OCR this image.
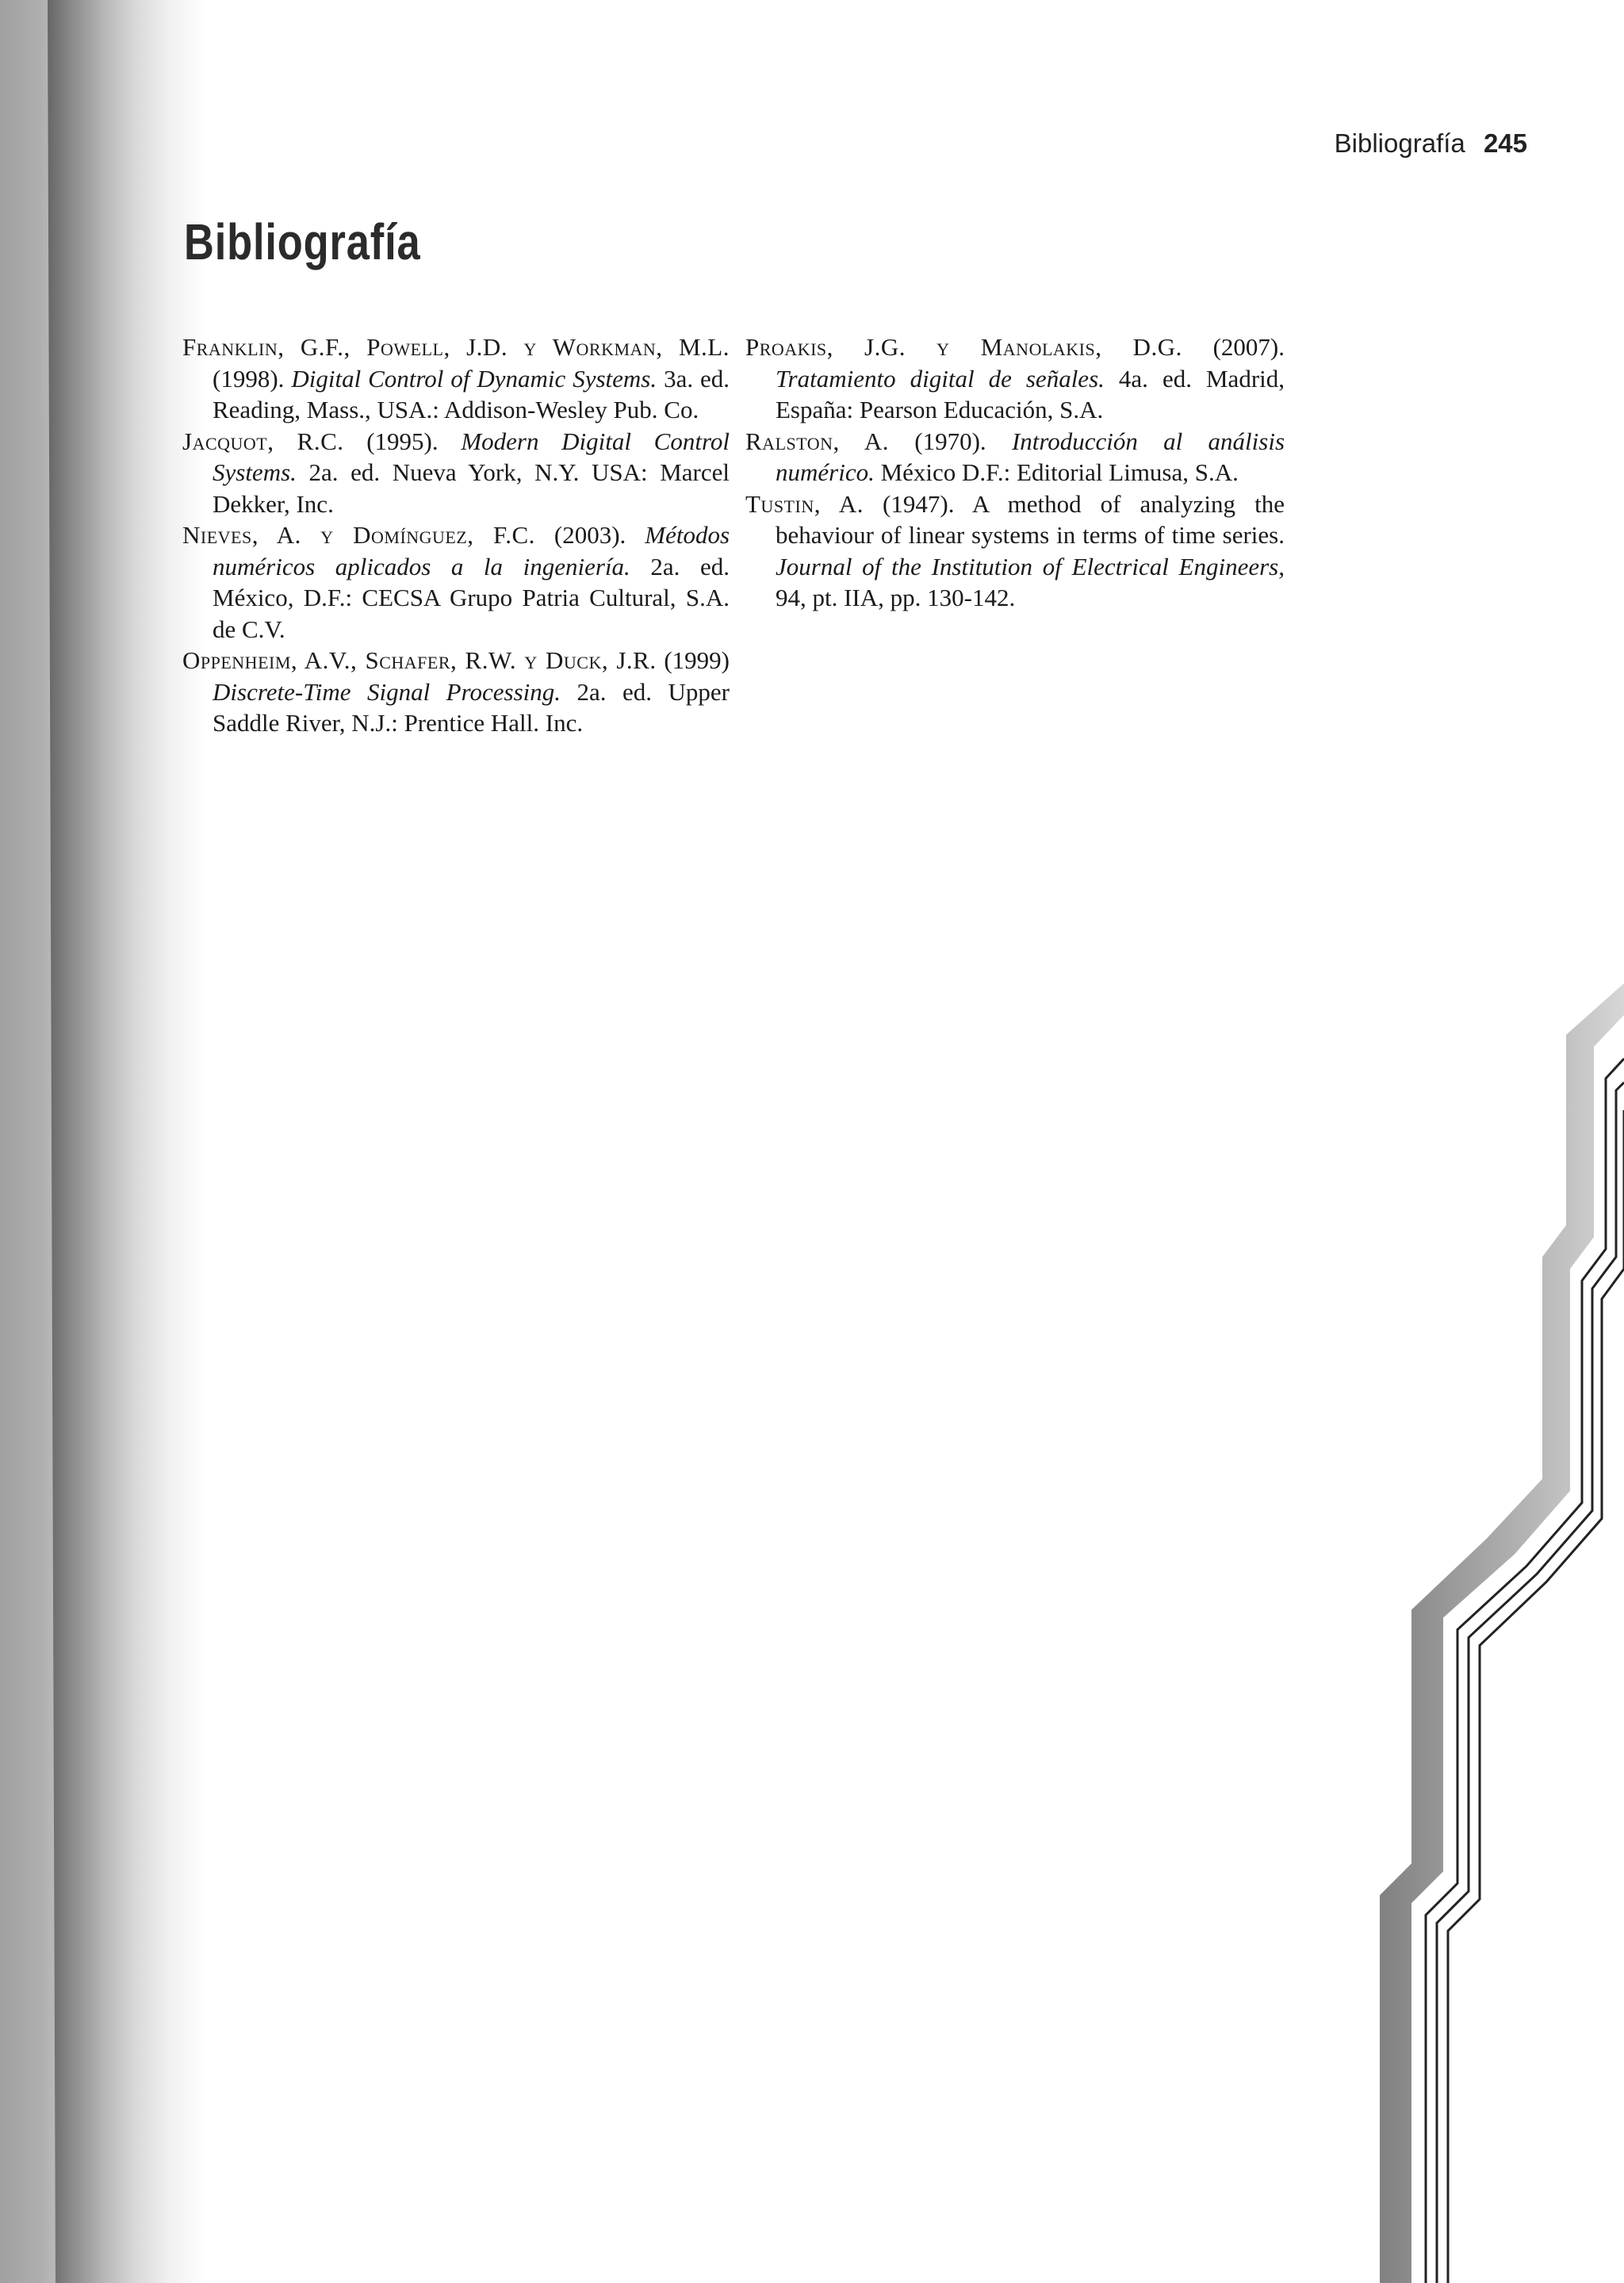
Bibliografía 245
Bibliografía

Franklin, G.F., Powell, J.D. y Workman, M.L. (1998). Digital Control of Dynamic Systems. 3a. ed. Reading, Mass., USA.: Addison-Wesley Pub. Co.

Jacquot, R.C. (1995). Modern Digital Control Systems. 2a. ed. Nueva York, N.Y. USA: Marcel Dekker, Inc.

Nieves, A. y Domínguez, F.C. (2003). Métodos numéricos aplicados a la ingeniería. 2a. ed. México, D.F.: CECSA Grupo Patria Cultural, S.A. de C.V.

Oppenheim, A.V., Schafer, R.W. y Duck, J.R. (1999) Discrete-Time Signal Processing. 2a. ed. Upper Saddle River, N.J.: Prentice Hall. Inc.

Proakis, J.G. y Manolakis, D.G. (2007). Tratamiento digital de señales. 4a. ed. Madrid, España: Pearson Educación, S.A.

Ralston, A. (1970). Introducción al análisis numérico. México D.F.: Editorial Limusa, S.A.

Tustin, A. (1947). A method of analyzing the behaviour of linear systems in terms of time series. Journal of the Institution of Electrical Engineers, 94, pt. IIA, pp. 130-142.
